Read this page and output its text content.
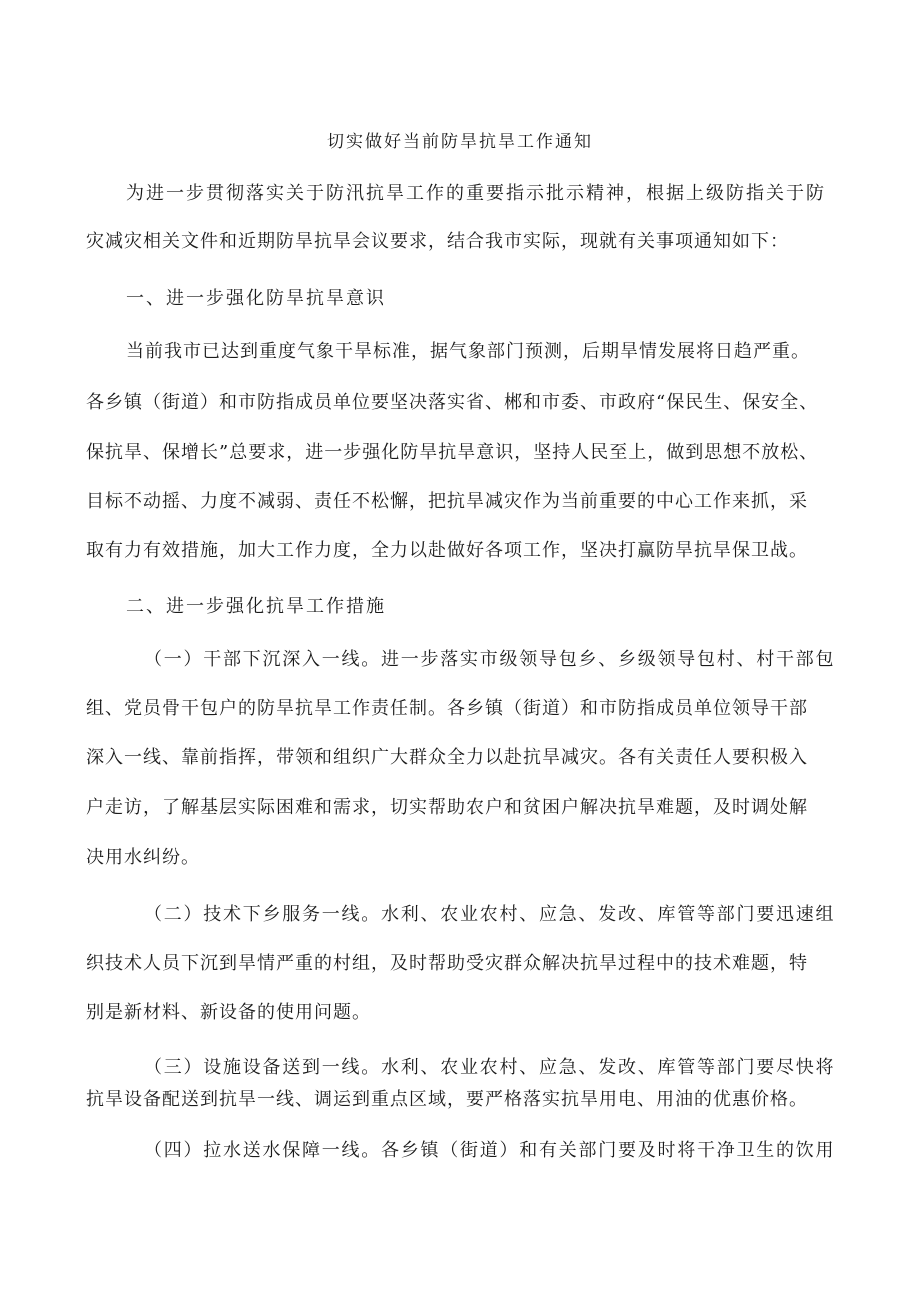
切实做好当前防旱抗旱工作通知
为进一步贯彻落实关于防汛抗旱工作的重要指示批示精神，根据上级防指关于防
灾减灾相关文件和近期防旱抗旱会议要求，结合我市实际，现就有关事项通知如下：
一、进一步强化防旱抗旱意识
当前我市已达到重度气象干旱标准，据气象部门预测，后期旱情发展将日趋严重。
各乡镇（街道）和市防指成员单位要坚决落实省、郴和市委、市政府“保民生、保安全、
保抗旱、保增长”总要求，进一步强化防旱抗旱意识，坚持人民至上，做到思想不放松、
目标不动摇、力度不减弱、责任不松懈，把抗旱减灾作为当前重要的中心工作来抓，采
取有力有效措施，加大工作力度，全力以赴做好各项工作，坚决打赢防旱抗旱保卫战。
二、进一步强化抗旱工作措施
（一）干部下沉深入一线。进一步落实市级领导包乡、乡级领导包村、村干部包
组、党员骨干包户的防旱抗旱工作责任制。各乡镇（街道）和市防指成员单位领导干部
深入一线、靠前指挥，带领和组织广大群众全力以赴抗旱减灾。各有关责任人要积极入
户走访，了解基层实际困难和需求，切实帮助农户和贫困户解决抗旱难题，及时调处解
决用水纠纷。
（二）技术下乡服务一线。水利、农业农村、应急、发改、库管等部门要迅速组
织技术人员下沉到旱情严重的村组，及时帮助受灾群众解决抗旱过程中的技术难题，特
别是新材料、新设备的使用问题。
（三）设施设备送到一线。水利、农业农村、应急、发改、库管等部门要尽快将
抗旱设备配送到抗旱一线、调运到重点区域，要严格落实抗旱用电、用油的优惠价格。
（四）拉水送水保障一线。各乡镇（街道）和有关部门要及时将干净卫生的饮用
